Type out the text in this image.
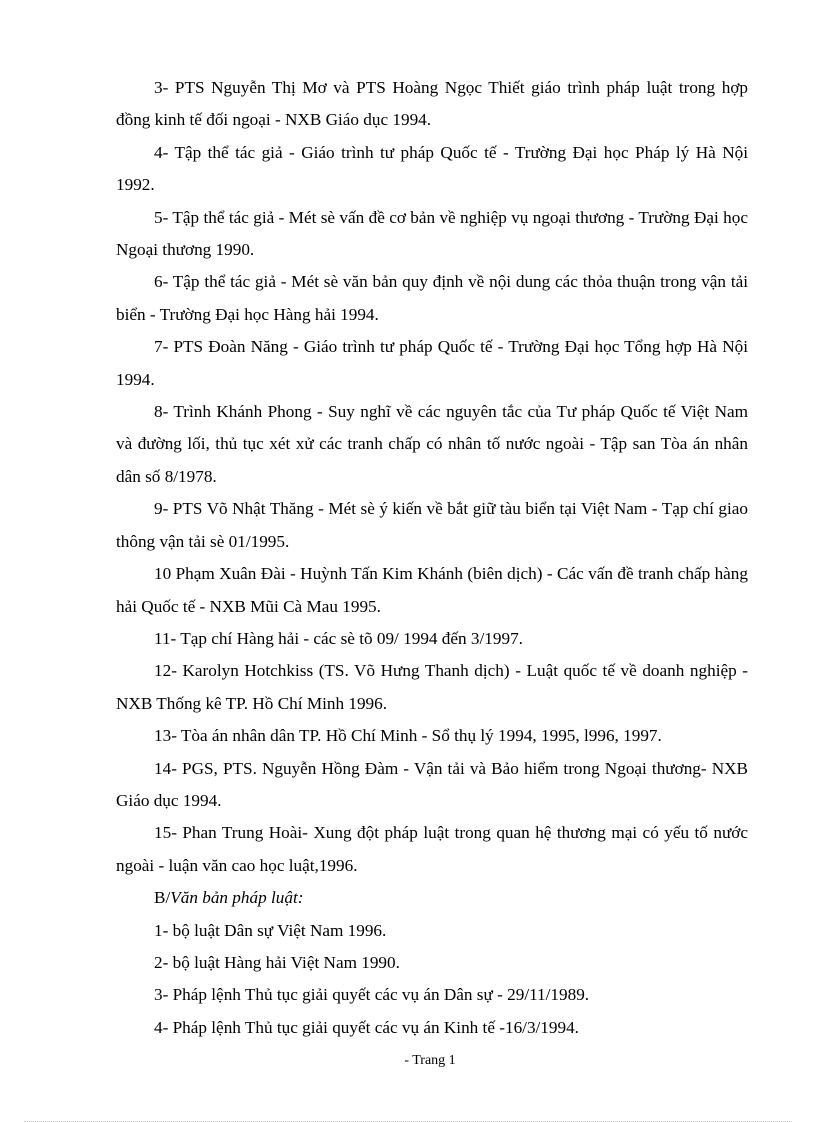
3- PTS Nguyễn Thị Mơ và PTS Hoàng Ngọc Thiết giáo trình pháp luật trong hợp đồng kinh tế đối ngoại - NXB Giáo dục 1994.

4- Tập thể tác giả - Giáo trình tư pháp Quốc tế - Trường Đại học Pháp lý Hà Nội 1992.

5- Tập thể tác giả - Mét sè vấn đề cơ bản về nghiệp vụ ngoại thương - Trường Đại học Ngoại thương 1990.

6- Tập thể tác giả - Mét sè văn bản quy định về nội dung các thỏa thuận trong vận tải biển - Trường Đại học Hàng hải 1994.

7- PTS Đoàn Năng - Giáo trình tư pháp Quốc tế - Trường Đại học Tổng hợp Hà Nội 1994.

8- Trình Khánh Phong - Suy nghĩ về các nguyên tắc của Tư pháp Quốc tế Việt Nam và đường lối, thủ tục xét xử các tranh chấp có nhân tố nước ngoài - Tập san Tòa án nhân dân số 8/1978.

9- PTS Võ Nhật Thăng - Mét sè ý kiến về bắt giữ tàu biển tại Việt Nam - Tạp chí giao thông vận tải sè 01/1995.

10 Phạm Xuân Đài - Huỳnh Tấn Kim Khánh (biên dịch) - Các vấn đề tranh chấp hàng hải Quốc tế - NXB Mũi Cà Mau 1995.

11- Tạp chí Hàng hải - các sè tõ 09/ 1994 đến 3/1997.

12- Karolyn Hotchkiss (TS. Võ Hưng Thanh dịch) - Luật quốc tế về doanh nghiệp - NXB Thống kê TP. Hồ Chí Minh 1996.

13- Tòa án nhân dân TP. Hồ Chí Minh - Sổ thụ lý 1994, 1995, l996, 1997.

14- PGS, PTS. Nguyễn Hồng Đàm - Vận tải và Bảo hiểm trong Ngoại thương- NXB Giáo dục 1994.

15- Phan Trung Hoài- Xung đột pháp luật trong quan hệ thương mại có yếu tố nước ngoài - luận văn cao học luật,1996.

B/Văn bản pháp luật:

1- bộ luật Dân sự Việt Nam 1996.

2- bộ luật Hàng hải Việt Nam 1990.

3- Pháp lệnh Thủ tục giải quyết các vụ án Dân sự - 29/11/1989.

4- Pháp lệnh Thủ tục giải quyết các vụ án Kinh tế -16/3/1994.

- Trang 1
